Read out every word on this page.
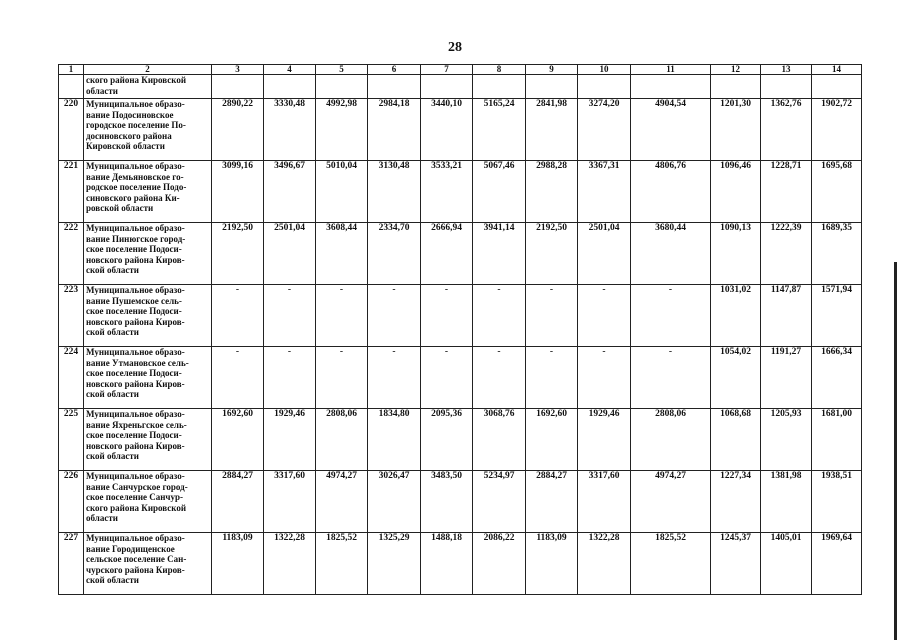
28
1	2	3	4	5	6	7	8	9	10	11	12	13	14
	ского района Кировской
области												
220	Муниципальное образо-
вание Подосиновское
городское поселение По-
досиновского района
Кировской области	2890,22	3330,48	4992,98	2984,18	3440,10	5165,24	2841,98	3274,20	4904,54	1201,30	1362,76	1902,72
221	Муниципальное образо-
вание Демьяновское го-
родское поселение Подо-
синовского района Ки-
ровской области	3099,16	3496,67	5010,04	3130,48	3533,21	5067,46	2988,28	3367,31	4806,76	1096,46	1228,71	1695,68
222	Муниципальное образо-
вание Пинюгское город-
ское поселение Подоси-
новского района Киров-
ской области	2192,50	2501,04	3608,44	2334,70	2666,94	3941,14	2192,50	2501,04	3680,44	1090,13	1222,39	1689,35
223	Муниципальное образо-
вание Пушемское сель-
ское поселение Подоси-
новского района Киров-
ской области	-	-	-	-	-	-	-	-	-	1031,02	1147,87	1571,94
224	Муниципальное образо-
вание Утмановское сель-
ское поселение Подоси-
новского района Киров-
ской области	-	-	-	-	-	-	-	-	-	1054,02	1191,27	1666,34
225	Муниципальное образо-
вание Яхреньгское сель-
ское поселение Подоси-
новского района Киров-
ской области	1692,60	1929,46	2808,06	1834,80	2095,36	3068,76	1692,60	1929,46	2808,06	1068,68	1205,93	1681,00
226	Муниципальное образо-
вание Санчурское город-
ское поселение Санчур-
ского района Кировской
области	2884,27	3317,60	4974,27	3026,47	3483,50	5234,97	2884,27	3317,60	4974,27	1227,34	1381,98	1938,51
227	Муниципальное образо-
вание Городищенское
сельское поселение Сан-
чурского района Киров-
ской области	1183,09	1322,28	1825,52	1325,29	1488,18	2086,22	1183,09	1322,28	1825,52	1245,37	1405,01	1969,64
